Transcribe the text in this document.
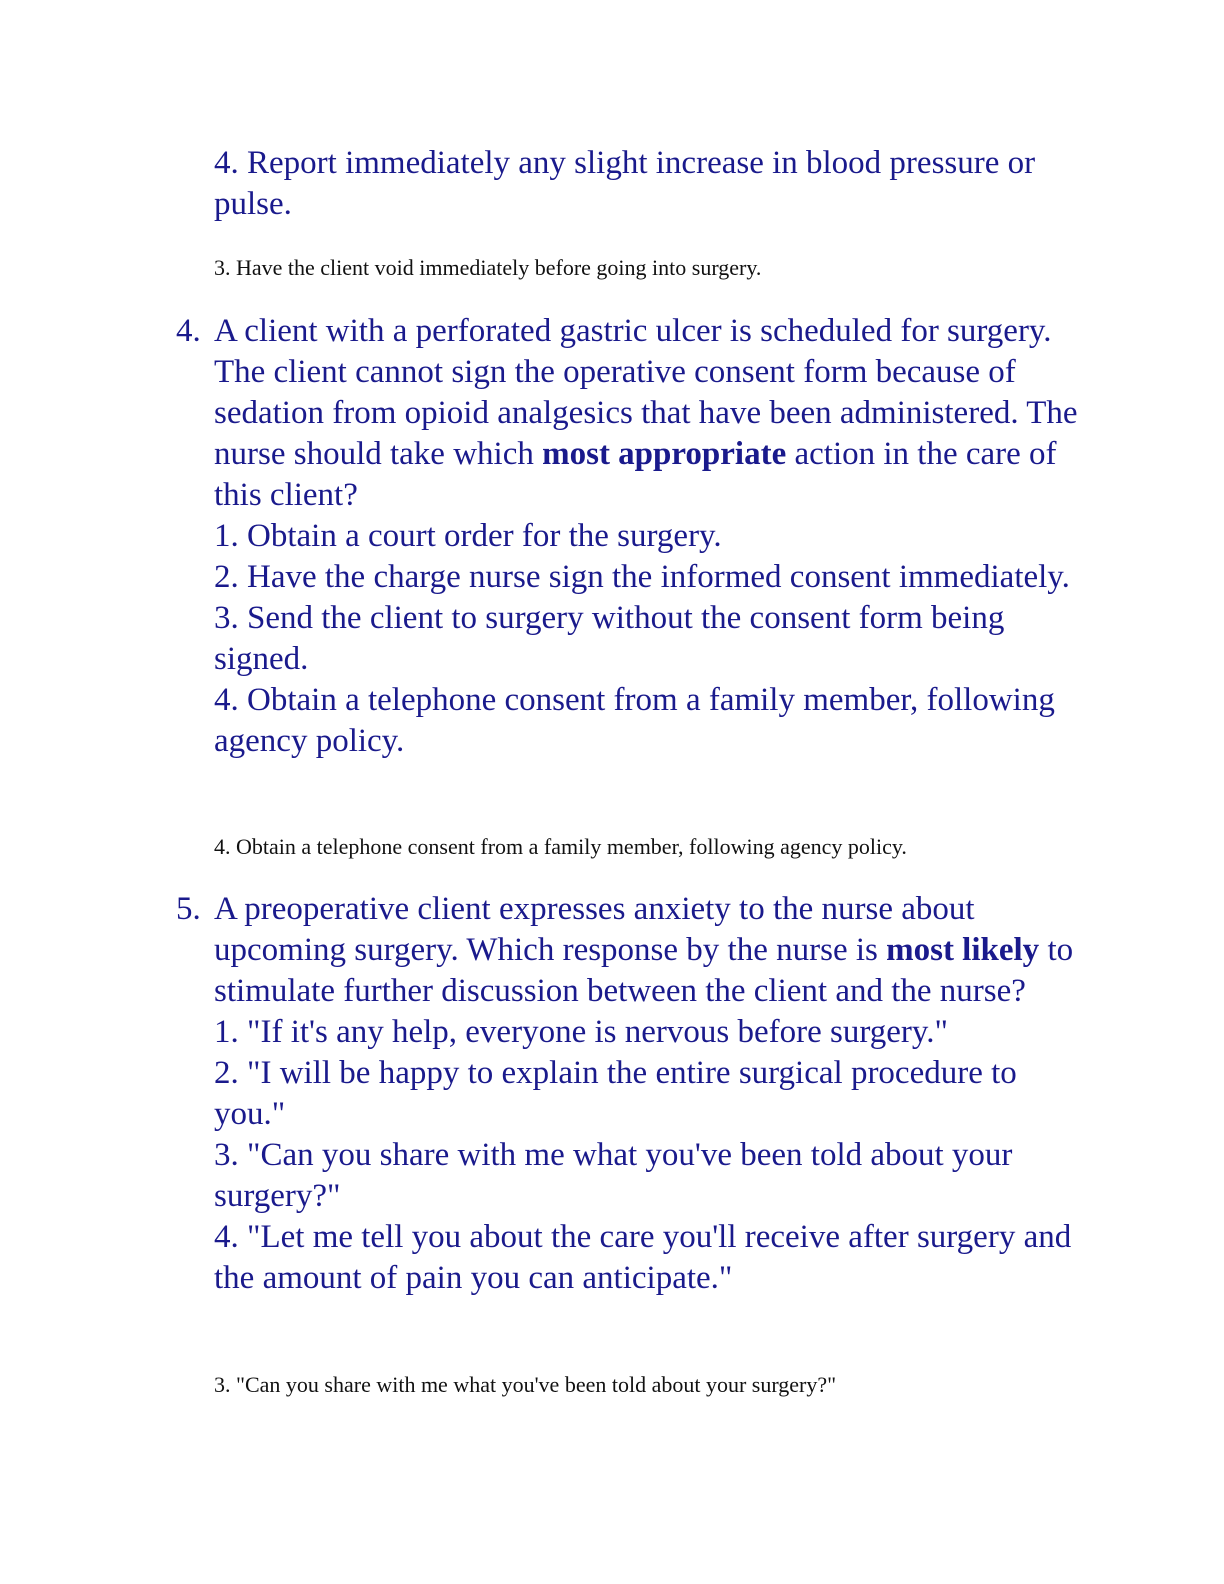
4. Report immediately any slight increase in blood pressure or pulse.
3. Have the client void immediately before going into surgery.
4. A client with a perforated gastric ulcer is scheduled for surgery. The client cannot sign the operative consent form because of sedation from opioid analgesics that have been administered. The nurse should take which most appropriate action in the care of this client?

1. Obtain a court order for the surgery.

2. Have the charge nurse sign the informed consent immediately.

3. Send the client to surgery without the consent form being signed.

4. Obtain a telephone consent from a family member, following agency policy.

4. Obtain a telephone consent from a family member, following agency policy.
5. A preoperative client expresses anxiety to the nurse about upcoming surgery. Which response by the nurse is most likely to stimulate further discussion between the client and the nurse?

1. "If it's any help, everyone is nervous before surgery."

2. "I will be happy to explain the entire surgical procedure to you."

3. "Can you share with me what you've been told about your surgery?"

4. "Let me tell you about the care you'll receive after surgery and the amount of pain you can anticipate."

3. "Can you share with me what you've been told about your surgery?"
